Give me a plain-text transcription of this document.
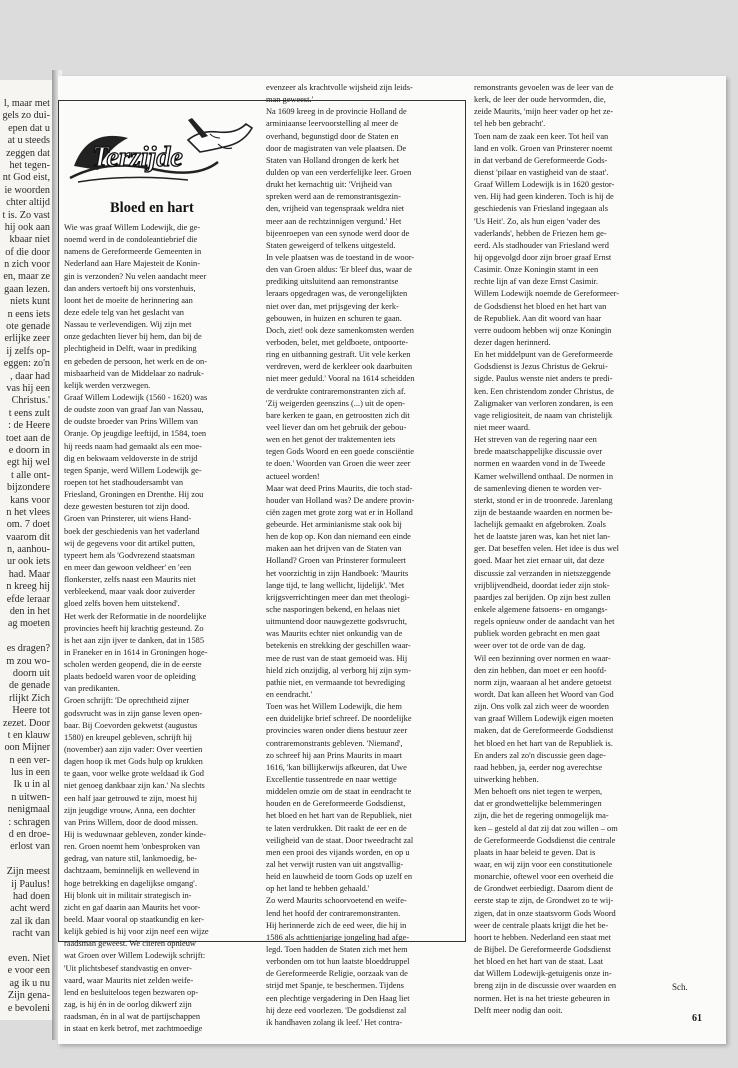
l, maar met
gels zo dui-
epen dat u
at u steeds
zeggen dat
het tegen-
nt God eist,
ie woorden
chter altijd
t is. Zo vast
hij ook aan
kbaar niet
of die door
n zich voor
en, maar ze
gaan lezen.
niets kunt
n eens iets
ote genade
erlijke zeer
ij zelfs op-
eggen: zo'n
, daar had
vas hij een
Christus.'
t eens zult
: de Heere
toet aan de
e doorn in
egt hij wel
t alle ont-
bijzondere
kans voor
n het vlees
om. 7 doet
vaarom dit
n, aanhou-
ur ook iets
had. Maar
n kreeg hij
efde leraar
den in het
ag moeten
es dragen?
m zou wo-
doorn uit
de genade
rlijkt Zich
Heere tot
zezet. Door
t en klauw
oon Mijner
n een ver-
lus in een
Ik u in al
n uitwen-
nenigmaal
: schragen
d en droe-
erlost van
Zijn meest
ij Paulus!
had doen
acht werd
zal ik dan
racht van
even. Niet
e voor een
ag ik u nu
Zijn gena-
e bevoleni
Terzijde
Bloed en hart
Wie was graaf Willem Lodewijk, die ge-
noemd werd in de condoleantiebrief die
namens de Gereformeerde Gemeenten in
Nederland aan Hare Majesteit de Konin-
gin is verzonden? Nu velen aandacht meer
dan anders vertoeft bij ons vorstenhuis,
loont het de moeite de herinnering aan
deze edele telg van het geslacht van
Nassau te verlevendigen. Wij zijn met
onze gedachten liever bij hem, dan bij de
plechtigheid in Delft, waar in prediking
en gebeden de persoon, het werk en de on-
misbaarheid van de Middelaar zo nadruk-
kelijk werden verzwegen.
Graaf Willem Lodewijk (1560 - 1620) was
de oudste zoon van graaf Jan van Nassau,
de oudste broeder van Prins Willem van
Oranje. Op jeugdige leeftijd, in 1584, toen
hij reeds naam had gemaakt als een moe-
dig en bekwaam veldoverste in de strijd
tegen Spanje, werd Willem Lodewijk ge-
roepen tot het stadhoudersambt van
Friesland, Groningen en Drenthe. Hij zou
deze gewesten besturen tot zijn dood.
Groen van Prinsterer, uit wiens Hand-
boek der geschiedenis van het vaderland
wij de gegevens voor dit artikel putten,
typeert hem als 'Godvrezend staatsman
en meer dan gewoon veldheer' en 'een
flonkerster, zelfs naast een Maurits niet
verbleekend, maar vaak door zuiverder
gloed zelfs boven hem uitstekend'.
Het werk der Reformatie in de noordelijke
provincies heeft hij krachtig gesteund. Zo
is het aan zijn ijver te danken, dat in 1585
in Franeker en in 1614 in Groningen hoge-
scholen werden geopend, die in de eerste
plaats bedoeld waren voor de opleiding
van predikanten.
Groen schrijft: 'De oprechtheid zijner
godsvrucht was in zijn ganse leven open-
baar. Bij Coevorden gekwetst (augustus
1580) en kreupel gebleven, schrijft hij
(november) aan zijn vader: Over veertien
dagen hoop ik met Gods hulp op krukken
te gaan, voor welke grote weldaad ik God
niet genoeg dankbaar zijn kan.' Na slechts
een half jaar getrouwd te zijn, moest hij
zijn jeugdige vrouw, Anna, een dochter
van Prins Willem, door de dood missen.
Hij is weduwnaar gebleven, zonder kinde-
ren. Groen noemt hem 'onbesproken van
gedrag, van nature stil, lankmoedig, be-
dachtzaam, beminnelijk en wellevend in
hoge betrekking en dagelijkse omgang'.
Hij blonk uit in militair strategisch in-
zicht en gaf daarin aan Maurits het voor-
beeld. Maar vooral op staatkundig en ker-
kelijk gebied is hij voor zijn neef een wijze
raadsman geweest. We citeren opnieuw
wat Groen over Willem Lodewijk schrijft:
'Uit plichtsbesef standvastig en onver-
vaard, waar Maurits niet zelden weife-
lend en besluiteloos tegen bezwaren op-
zag, is hij én in de oorlog dikwerf zijn
raadsman, én in al wat de partijschappen
in staat en kerk betrof, met zachtmoedige
evenzeer als krachtvolle wijsheid zijn leids-
man geweest.'
Na 1609 kreeg in de provincie Holland de
arminiaanse leervoorstelling al meer de
overhand, begunstigd door de Staten en
door de magistraten van vele plaatsen. De
Staten van Holland drongen de kerk het
dulden op van een verderfelijke leer. Groen
drukt het kernachtig uit: 'Vrijheid van
spreken werd aan de remonstrantsgezin-
den, vrijheid van tegenspraak weldra niet
meer aan de rechtzinnigen vergund.' Het
bijeenroepen van een synode werd door de
Staten geweigerd of telkens uitgesteld.
In vele plaatsen was de toestand in de woor-
den van Groen aldus: 'Er bleef dus, waar de
prediking uitsluitend aan remonstrantse
leraars opgedragen was, de verongelijkten
niet over dan, met prijsgeving der kerk-
gebouwen, in huizen en schuren te gaan.
Doch, ziet! ook deze samenkomsten werden
verboden, belet, met geldboete, ontpoorte-
ring en uitbanning gestraft. Uit vele kerken
verdreven, werd de kerkleer ook daarbuiten
niet meer geduld.' Vooral na 1614 scheidden
de verdrukte contraremonstranten zich af.
'Zij weigerden geenszins (...) uit de open-
bare kerken te gaan, en getroostten zich dit
veel liever dan om het gebruik der gebou-
wen en het genot der traktementen iets
tegen Gods Woord en een goede consciëntie
te doen.' Woorden van Groen die weer zeer
actueel worden!
Maar wat deed Prins Maurits, die toch stad-
houder van Holland was? De andere provin-
ciën zagen met grote zorg wat er in Holland
gebeurde. Het arminianisme stak ook bij
hen de kop op. Kon dan niemand een einde
maken aan het drijven van de Staten van
Holland? Groen van Prinsterer formuleert
het voorzichtig in zijn Handboek: 'Maurits
lange tijd, te lang wellicht, lijdelijk'. 'Met
krijgsverrichtingen meer dan met theologi-
sche nasporingen bekend, en helaas niet
uitmuntend door nauwgezette godsvrucht,
was Maurits echter niet onkundig van de
betekenis en strekking der geschillen waar-
mee de rust van de staat gemoeid was. Hij
hield zich onzijdig, al verborg hij zijn sym-
pathie niet, en vermaande tot bevrediging
en eendracht.'
Toen was het Willem Lodewijk, die hem
een duidelijke brief schreef. De noordelijke
provincies waren onder diens bestuur zeer
contraremonstrants gebleven. 'Niemand',
zo schreef hij aan Prins Maurits in maart
1616, 'kan billijkerwijs afkeuren, dat Uwe
Excellentie tussentrede en naar wettige
middelen omzie om de staat in eendracht te
houden en de Gereformeerde Godsdienst,
het bloed en het hart van de Republiek, niet
te laten verdrukken. Dit raakt de eer en de
veiligheid van de staat. Door tweedracht zal
men een prooi des vijands worden, en op u
zal het verwijt rusten van uit angstvallig-
heid en lauwheid de toorn Gods op uzelf en
op het land te hebben gehaald.'
Zo werd Maurits schoorvoetend en weife-
lend het hoofd der contraremonstranten.
Hij herinnerde zich de eed weer, die hij in
1586 als achttienjarige jongeling had afge-
legd. Toen hadden de Staten zich met hem
verbonden om tot hun laatste bloeddruppel
de Gereformeerde Religie, oorzaak van de
strijd met Spanje, te beschermen. Tijdens
een plechtige vergadering in Den Haag liet
hij deze eed voorlezen. 'De godsdienst zal
ik handhaven zolang ik leef.' Het contra-
remonstrants gevoelen was de leer van de
kerk, de leer der oude hervormden, die,
zeide Maurits, 'mijn heer vader op het ze-
tel heb ben gebracht'.
Toen nam de zaak een keer. Tot heil van
land en volk. Groen van Prinsterer noemt
in dat verband de Gereformeerde Gods-
dienst 'pilaar en vastigheid van de staat'.
Graaf Willem Lodewijk is in 1620 gestor-
ven. Hij had geen kinderen. Toch is hij de
geschiedenis van Friesland ingegaan als
'Us Heit'. Zo, als hun eigen 'vader des
vaderlands', hebben de Friezen hem ge-
eerd. Als stadhouder van Friesland werd
hij opgevolgd door zijn broer graaf Ernst
Casimir. Onze Koningin stamt in een
rechte lijn af van deze Ernst Casimir.
Willem Lodewijk noemde de Gereformeer-
de Godsdienst het bloed en het hart van
de Republiek. Aan dit woord van haar
verre oudoom hebben wij onze Koningin
dezer dagen herinnerd.
En het middelpunt van de Gereformeerde
Godsdienst is Jezus Christus de Gekrui-
sigde. Paulus wenste niet anders te predi-
ken. Een christendom zonder Christus, de
Zaligmaker van verloren zondaren, is een
vage religiositeit, de naam van christelijk
niet meer waard.
Het streven van de regering naar een
brede maatschappelijke discussie over
normen en waarden vond in de Tweede
Kamer welwillend onthaal. De normen in
de samenleving dienen te worden ver-
sterkt, stond er in de troonrede. Jarenlang
zijn de bestaande waarden en normen be-
lachelijk gemaakt en afgebroken. Zoals
het de laatste jaren was, kan het niet lan-
ger. Dat beseffen velen. Het idee is dus wel
goed. Maar het ziet ernaar uit, dat deze
discussie zal verzanden in nietszeggende
vrijblijvendheid, doordat ieder zijn stok-
paardjes zal berijden. Op zijn best zullen
enkele algemene fatsoens- en omgangs-
regels opnieuw onder de aandacht van het
publiek worden gebracht en men gaat
weer over tot de orde van de dag.
Wil een bezinning over normen en waar-
den zin hebben, dan moet er een hoofd-
norm zijn, waaraan al het andere getoetst
wordt. Dat kan alleen het Woord van God
zijn. Ons volk zal zich weer de woorden
van graaf Willem Lodewijk eigen moeten
maken, dat de Gereformeerde Godsdienst
het bloed en het hart van de Republiek is.
En anders zal zo'n discussie geen dage-
raad hebben, ja, eerder nog averechtse
uitwerking hebben.
Men behoeft ons niet tegen te werpen,
dat er grondwettelijke belemmeringen
zijn, die het de regering onmogelijk ma-
ken – gesteld al dat zij dat zou willen – om
de Gereformeerde Godsdienst die centrale
plaats in haar beleid te geven. Dat is
waar, en wij zijn voor een constitutionele
monarchie, oftewel voor een overheid die
de Grondwet eerbiedigt. Daarom dient de
eerste stap te zijn, de Grondwet zo te wij-
zigen, dat in onze staatsvorm Gods Woord
weer de centrale plaats krijgt die het be-
hoort te hebben. Nederland een staat met
de Bijbel. De Gereformeerde Godsdienst
het bloed en het hart van de staat. Laat
dat Willem Lodewijk-getuigenis onze in-
breng zijn in de discussie over waarden en
normen. Het is na het trieste gebeuren in
Delft meer nodig dan ooit.
Sch.
61
